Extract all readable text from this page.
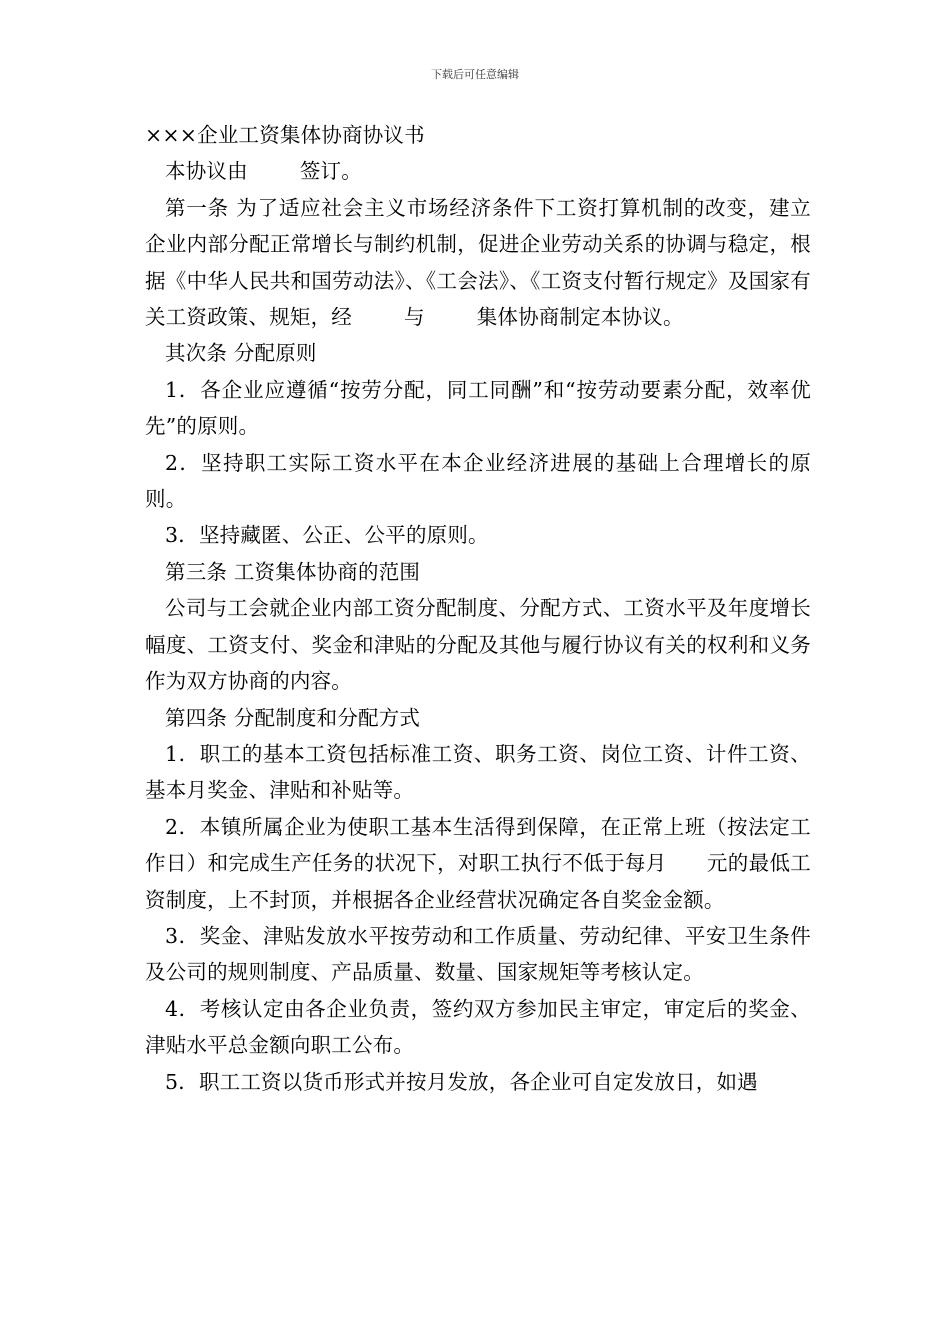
下载后可任意编辑

×××企业工资集体协商协议书

本协议由	签订。

第一条 为了适应社会主义市场经济条件下工资打算机制的改变，建立企业内部分配正常增长与制约机制，促进企业劳动关系的协调与稳定，根据《中华人民共和国劳动法》、《工会法》、《工资支付暂行规定》及国家有关工资政策、规矩，经	与	集体协商制定本协议。

其次条 分配原则

1．各企业应遵循“按劳分配，同工同酬”和“按劳动要素分配，效率优先”的原则。

2．坚持职工实际工资水平在本企业经济进展的基础上合理增长的原则。

3．坚持藏匿、公正、公平的原则。

第三条 工资集体协商的范围

公司与工会就企业内部工资分配制度、分配方式、工资水平及年度增长幅度、工资支付、奖金和津贴的分配及其他与履行协议有关的权利和义务作为双方协商的内容。

第四条 分配制度和分配方式

1．职工的基本工资包括标准工资、职务工资、岗位工资、计件工资、基本月奖金、津贴和补贴等。

2．本镇所属企业为使职工基本生活得到保障，在正常上班（按法定工作日）和完成生产任务的状况下，对职工执行不低于每月 元的最低工资制度，上不封顶，并根据各企业经营状况确定各自奖金金额。

3．奖金、津贴发放水平按劳动和工作质量、劳动纪律、平安卫生条件及公司的规则制度、产品质量、数量、国家规矩等考核认定。

4．考核认定由各企业负责，签约双方参加民主审定，审定后的奖金、津贴水平总金额向职工公布。

5．职工工资以货币形式并按月发放，各企业可自定发放日，如遇
